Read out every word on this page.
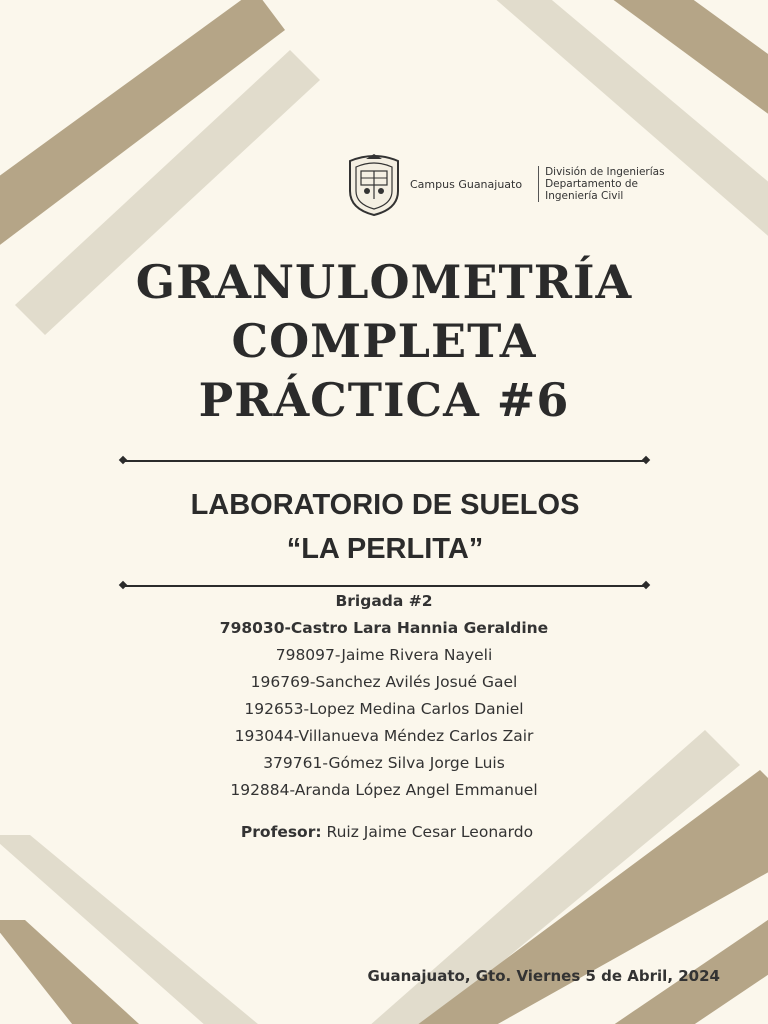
Campus Guanajuato
División de Ingenierías
Departamento de
Ingeniería Civil
GRANULOMETRÍA
COMPLETA
PRÁCTICA #6
LABORATORIO DE SUELOS
“LA PERLITA”
Brigada #2
798030-Castro Lara Hannia Geraldine
798097-Jaime Rivera Nayeli
196769-Sanchez Avilés Josué Gael
192653-Lopez Medina Carlos Daniel
193044-Villanueva Méndez Carlos Zair
379761-Gómez Silva Jorge Luis
192884-Aranda López Angel Emmanuel
Profesor: Ruiz Jaime Cesar Leonardo
Guanajuato, Gto. Viernes 5 de Abril, 2024
